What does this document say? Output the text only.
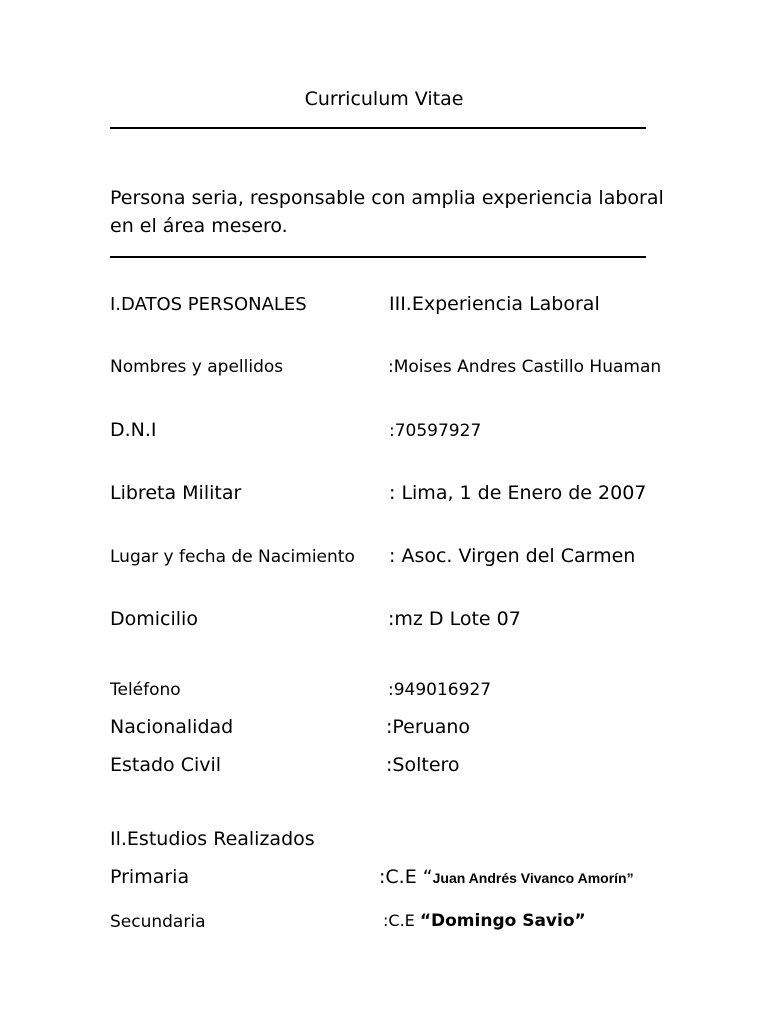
Curriculum Vitae
Persona seria, responsable con amplia experiencia laboral en el área mesero.
I.DATOS PERSONALES	III.Experiencia Laboral
Nombres y apellidos	:Moises Andres Castillo Huaman
D.N.I	:70597927
Libreta Militar	: Lima, 1 de Enero de 2007
Lugar y fecha de Nacimiento : Asoc. Virgen del Carmen
Domicilio	:mz D Lote 07
Teléfono	:949016927
Nacionalidad	:Peruano
Estado Civil	:Soltero
Il.Estudios Realizados
Primaria	:C.E “Juan Andrés Vivanco Amorín”
Secundaria	:C.E “Domingo Savio”
